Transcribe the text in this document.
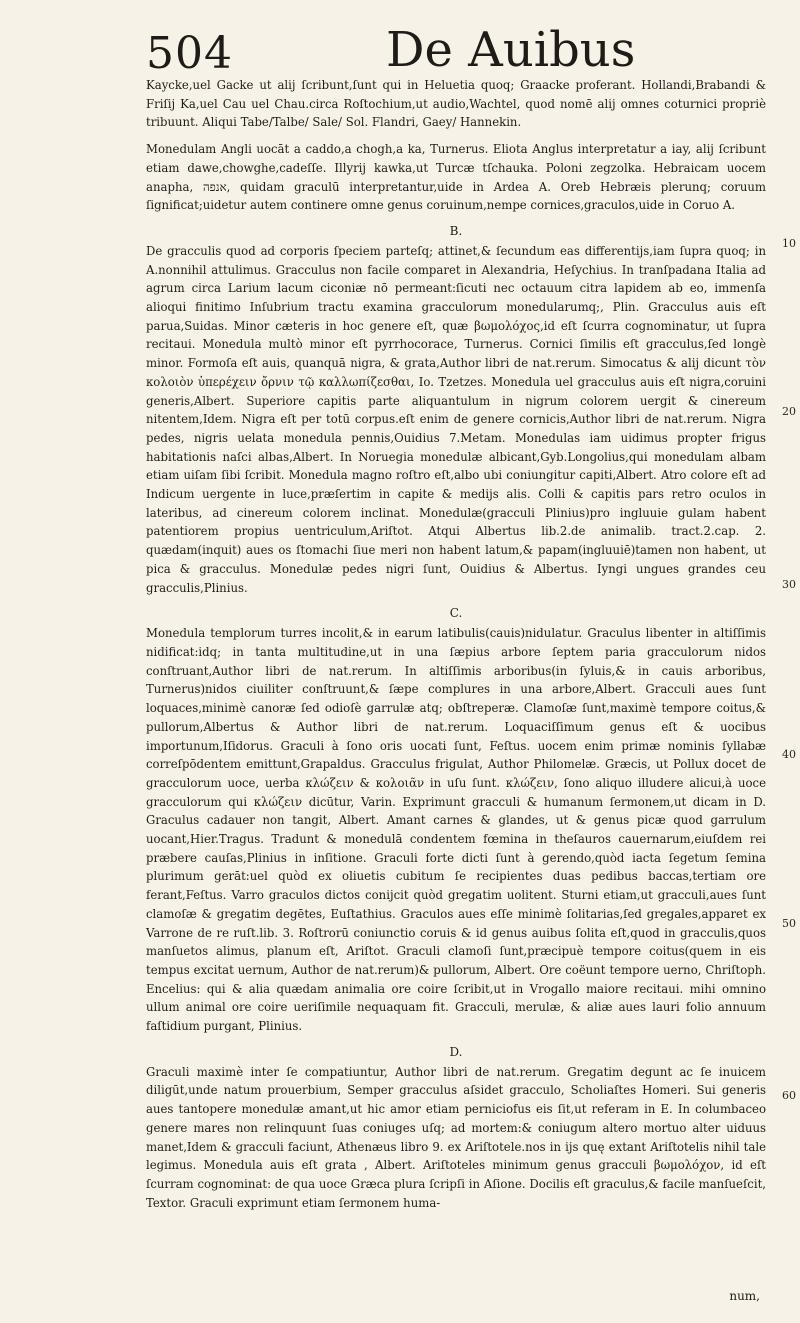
504	De Auibus

Kaycke,uel Gacke ut alij ſcribunt,ſunt qui in Heluetia quoq; Graacke proferant. Hollandi,Brabandi & Friſij Ka,uel Cau uel Chau.circa Roſtochium,ut audio,Wachtel, quod nomē alij omnes coturnici propriè tribuunt. Aliqui Tabe/Talbe/ Sale/ Sol. Flandri, Gaey/ Hannekin.

Monedulam Angli uocāt a caddo,a chogh,a ka, Turnerus. Eliota Anglus interpretatur a iay, alij ſcribunt etiam dawe,chowghe,cadeſſe. Illyrij kawka,ut Turcæ tſchauka. Poloni zegzolka. Hebraicam uocem anapha, אנפה, quidam graculū interpretantur,uide in Ardea A. Oreb Hebræis plerunq; coruum ſignificat;uidetur autem continere omne genus coruinum,nempe cornices,graculos,uide in Coruo A.

B.

De gracculis quod ad corporis ſpeciem parteſq; attinet,& ſecundum eas differentijs,iam ſupra quoq; in A.nonnihil attulimus. Gracculus non facile comparet in Alexandria, Heſychius. In tranſpadana Italia ad agrum circa Larium lacum ciconiæ nō permeant:ſicuti nec octauum citra lapidem ab eo, immenſa alioqui finitimo Inſubrium tractu examina gracculorum monedularumq;, Plin. Gracculus auis eſt parua,Suidas. Minor cæteris in hoc genere eſt, quæ βωμολόχος,id eſt ſcurra cognominatur, ut ſupra recitaui. Monedula multò minor eſt pyrrhocorace, Turnerus. Cornici ſimilis eſt gracculus,ſed longè minor. Formoſa eſt auis, quanquā nigra, & grata,Author libri de nat.rerum. Simocatus & alij dicunt τὸν κολοιὸν ὑπερέχειν ὄρνιν τῷ καλλωπίζεσθαι, Io. Tzetzes. Monedula uel gracculus auis eſt nigra,coruini generis,Albert. Superiore capitis parte aliquantulum in nigrum colorem uergit & cinereum nitentem,Idem. Nigra eſt per totū corpus.eſt enim de genere cornicis,Author libri de nat.rerum. Nigra pedes, nigris uelata monedula pennis,Ouidius 7.Metam. Monedulas iam uidimus propter frigus habitationis naſci albas,Albert. In Noruegia monedulæ albicant,Gyb.Longolius,qui monedulam albam etiam uiſam ſibi ſcribit. Monedula magno roſtro eſt,albo ubi coniungitur capiti,Albert. Atro colore eſt ad Indicum uergente in luce,præſertim in capite & medijs alis. Colli & capitis pars retro oculos in lateribus, ad cinereum colorem inclinat. Monedulæ(gracculi Plinius)pro ingluuie gulam habent patentiorem propius uentriculum,Ariſtot. Atqui Albertus lib.2.de animalib. tract.2.cap. 2. quædam(inquit) aues os ſtomachi ſiue meri non habent latum,& papam(ingluuiē)tamen non habent, ut pica & gracculus. Monedulæ pedes nigri ſunt, Ouidius & Albertus. Iyngi ungues grandes ceu gracculis,Plinius.

C.

Monedula templorum turres incolit,& in earum latibulis(cauis)nidulatur. Graculus libenter in altiſſimis nidificat:idq; in tanta multitudine,ut in una ſæpius arbore ſeptem paria gracculorum nidos conſtruant,Author libri de nat.rerum. In altiſſimis arboribus(in ſyluis,& in cauis arboribus, Turnerus)nidos ciuiliter conſtruunt,& ſæpe complures in una arbore,Albert. Gracculi aues ſunt loquaces,minimè canoræ ſed odioſè garrulæ atq; obſtreperæ. Clamoſæ ſunt,maximè tempore coitus,& pullorum,Albertus & Author libri de nat.rerum. Loquaciſſimum genus eſt & uocibus importunum,Iſidorus. Graculi à ſono oris uocati ſunt, Feſtus. uocem enim primæ nominis ſyllabæ correſpōdentem emittunt,Grapaldus. Gracculus frigulat, Author Philomelæ. Græcis, ut Pollux docet de gracculorum uoce, uerba κλώζειν & κολοιᾶν in uſu ſunt. κλώζειν, ſono aliquo illudere alicui,à uoce gracculorum qui κλώζειν dicūtur, Varin. Exprimunt gracculi & humanum ſermonem,ut dicam in D. Graculus cadauer non tangit, Albert. Amant carnes & glandes, ut & genus picæ quod garrulum uocant,Hier.Tragus. Tradunt & monedulā condentem fœmina in theſauros cauernarum,eiuſdem rei præbere cauſas,Plinius in inſitione. Graculi forte dicti ſunt à gerendo,quòd iacta ſegetum ſemina plurimum gerāt:uel quòd ex oliuetis cubitum ſe recipientes duas pedibus baccas,tertiam ore ferant,Feſtus. Varro graculos dictos conijcit quòd gregatim uolitent. Sturni etiam,ut gracculi,aues ſunt clamoſæ & gregatim degētes, Euſtathius. Graculos aues eſſe minimè ſolitarias,ſed gregales,apparet ex Varrone de re ruſt.lib. 3. Roſtrorū coniunctio coruis & id genus auibus ſolita eſt,quod in gracculis,quos manſuetos alimus, planum eſt, Ariſtot. Graculi clamoſi ſunt,præcipuè tempore coitus(quem in eis tempus excitat uernum, Author de nat.rerum)& pullorum, Albert. Ore coëunt tempore uerno, Chriſtoph. Encelius: qui & alia quædam animalia ore coire ſcribit,ut in Vrogallo maiore recitaui. mihi omnino ullum animal ore coire ueriſimile nequaquam fit. Gracculi, merulæ, & aliæ aues lauri folio annuum faſtidium purgant, Plinius.

D.

Graculi maximè inter ſe compatiuntur, Author libri de nat.rerum. Gregatim degunt ac ſe inuicem diligūt,unde natum prouerbium, Semper gracculus aſsidet gracculo, Scholiaſtes Homeri. Sui generis aues tantopere monedulæ amant,ut hic amor etiam perniciofus eis ſit,ut referam in E. In columbaceo genere mares non relinquunt ſuas coniuges uſq; ad mortem:& coniugum altero mortuo alter uiduus manet,Idem & gracculi faciunt, Athenæus libro 9. ex Ariſtotele.nos in ijs quę extant Ariſtotelis nihil tale legimus. Monedula auis eſt grata , Albert. Ariſtoteles minimum genus gracculi βωμολόχον, id eſt ſcurram cognominat: de qua uoce Græca plura ſcripſi in Aſione. Docilis eſt graculus,& facile manſueſcit, Textor. Graculi exprimunt etiam ſermonem huma-

10
20
30
40
50
60
num,
